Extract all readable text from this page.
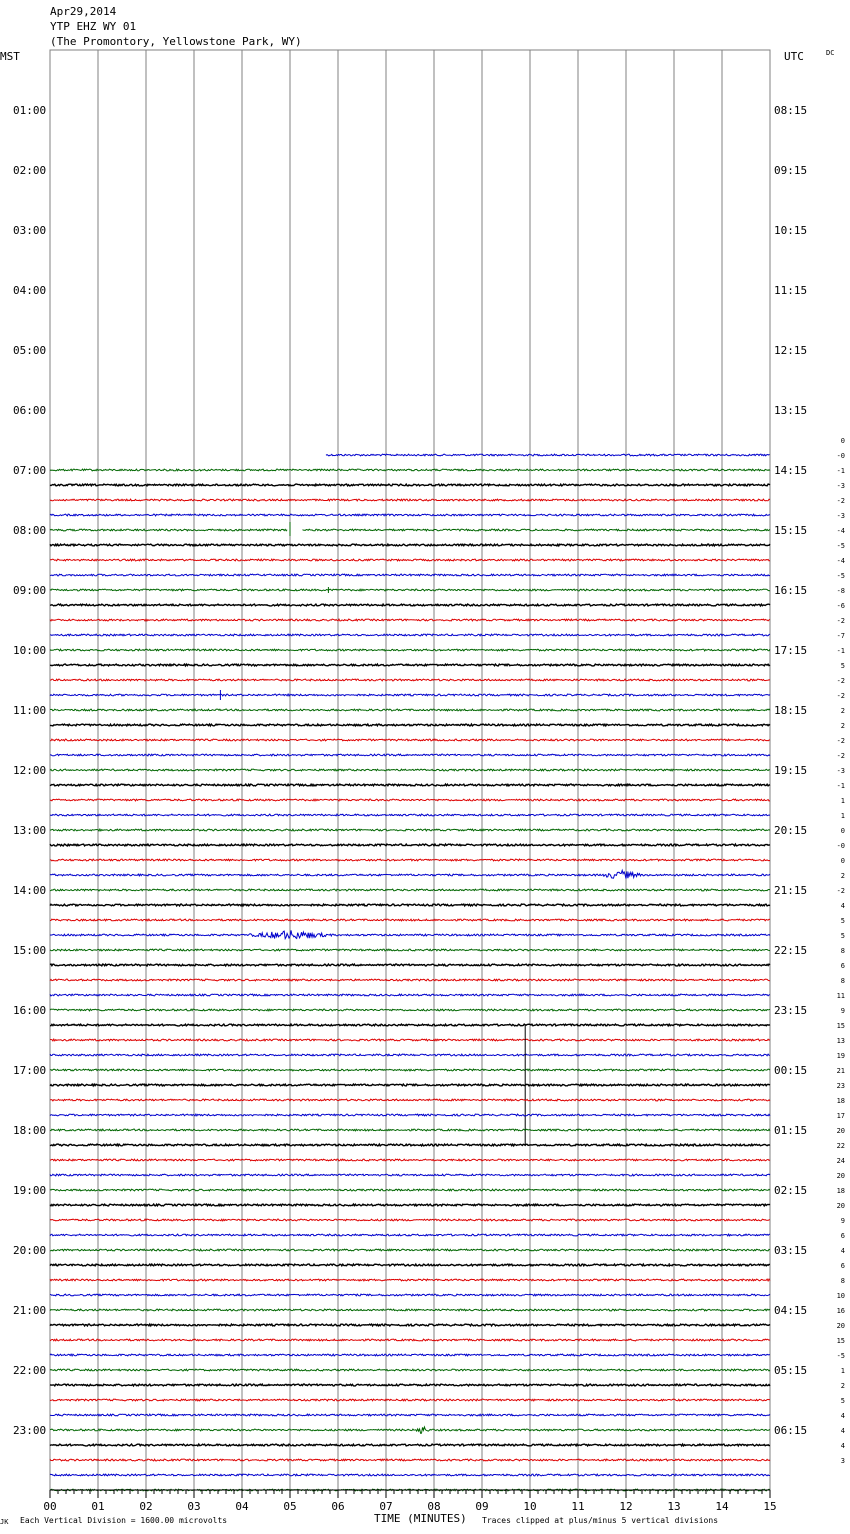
Apr29,2014
YTP EHZ WY 01
(The Promontory, Yellowstone Park, WY)
MST	UTC	DC
01:00
02:00
03:00
04:00
05:00
06:00
07:00
08:00
09:00
10:00
11:00
12:00
13:00
14:00
15:00
16:00
17:00
18:00
19:00
20:00
21:00
22:00
23:00
08:15
09:15
10:15
11:15
12:15
13:15
14:15
15:15
16:15
17:15
18:15
19:15
20:15
21:15
22:15
23:15
00:15
01:15
02:15
03:15
04:15
05:15
06:15
0
-0
-1
-3
-2
-3
-4
-5
-4
-5
-8
-6
-2
-7
-1
5
-2
-2
2
2
-2
-2
-3
-1
1
1
0
-0
0
2
-2
4
5
5
8
6
8
11
9
15
13
19
21
23
18
17
20
22
24
20
18
20
9
6
4
6
8
10
16
20
15
-5
1
2
5
4
4
4
3
00	01	02	03	04	05	06	07	08	09	10	11	12	13	14	15
JK Each Vertical Division = 1600.00 microvolts	TIME (MINUTES) Traces clipped at plus/minus 5 vertical divisions
